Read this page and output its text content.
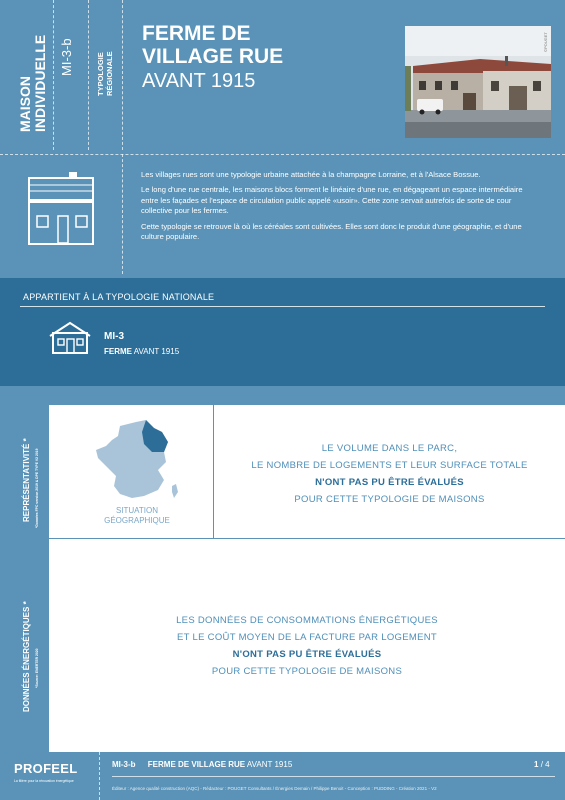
MAISON INDIVIDUELLE MI-3-b	TYPOLOGIE RÉGIONALE
FERME DE VILLAGE RUE
AVANT 1915
©POUGET

Les villages rues sont une typologie urbaine attachée à la champagne Lorraine, et à l'Alsace Bossue.

Le long d'une rue centrale, les maisons blocs forment le linéaire d'une rue, en dégageant un espace intermédiaire entre les façades et l'espace de circulation public appelé «usoir». Cette zone servait autrefois de sorte de cour collective pour les fermes.

Cette typologie se retrouve là où les céréales sont cultivées. Elles sont donc le produit d'une géographie, et d'une culture populaire.

APPARTIENT À LA TYPOLOGIE NATIONALE
MI-3
FERME AVANT 1915
REPRÉSENTATIVITÉ * *Données FPC version 2019 & DPE TYPE V2 2019	SITUATION
GÉOGRAPHIQUE
LE VOLUME DANS LE PARC,
LE NOMBRE DE LOGEMENTS ET LEUR SURFACE TOTALE
N'ONT PAS PU ÊTRE ÉVALUÉS
POUR CETTE TYPOLOGIE DE MAISONS
DONNÉES ÉNERGÉTIQUES * *Source: ENERTER 2020
LES DONNÉES DE CONSOMMATIONS ÉNERGÉTIQUES
ET LE COÛT MOYEN DE LA FACTURE PAR LOGEMENT
N'ONT PAS PU ÊTRE ÉVALUÉS
POUR CETTE TYPOLOGIE DE MAISONS
PROFEEL
La filière pour la rénovation énergétique
MI-3-b FERME DE VILLAGE RUE AVANT 1915	1 / 4
Éditeur : Agence qualité construction (AQC) - Rédacteur : POUGET Consultants / Énergies Demain / Philippe Benoit - Conception : PUDDING - Création 2021 - V2
